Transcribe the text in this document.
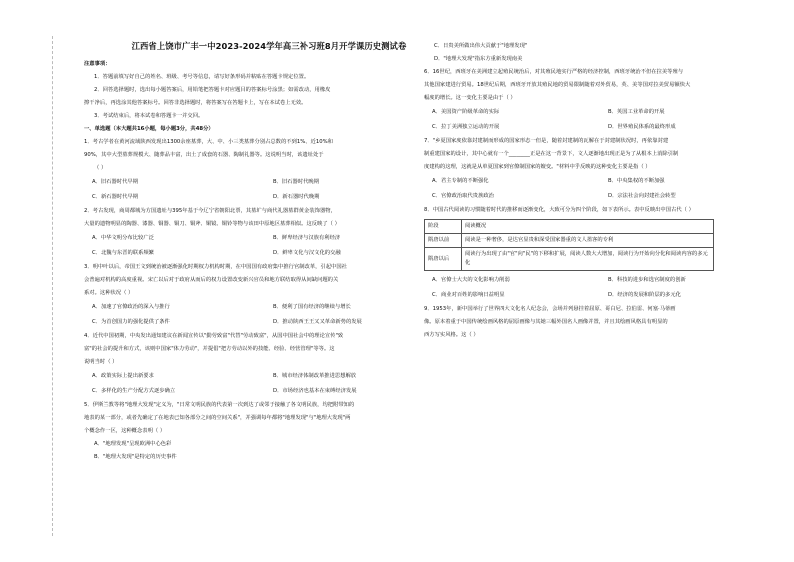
江西省上饶市广丰一中2023-2024学年高三补习班8月开学课历史测试卷
注意事项：
1．答题前填写好自己的姓名、班级、考号等信息，请写好条形码并粘贴在答题卡规定位置。
2．回答选择题时，选出每小题答案后，用铅笔把答题卡对应题目的答案标号涂黑；如需改动，用橡皮
擦干净后，再选涂其他答案标号。回答非选择题时，将答案写在答题卡上，写在本试卷上无效。
3．考试结束后，将本试卷和答题卡一并交回。
一、单选题（本大题共16小题，每小题3分，共48分）
1．考古学者在黄河流域陕西发现出1300余座墓葬，大、中、小三类墓葬分别占总数的不到1%、近10%和
90%，其中大型墓葬规模大、随葬品丰富，出土了成套的石器、陶制礼器等。这说明当时，该遗址处于
（ ）
A．旧石器时代早期	B．旧石器时代晚期
C．新石器时代早期	D．新石器时代晚期
2．考古发现，商周都城为方国遗址与395年基于今辽宁省朝阳北票，其墓圹与商代礼器墓群黄金装饰器物，
大量的遗物明显的陶器、漆器、铜器、铜刀、铜斧、铜镜、铜铃等物与该田中原地区墓葬相似。这反映了（ ）
A．中华文明分布比较广泛	B．鲜卑经济与汉族有利经济
C．北魏与东晋的联系频繁	D．鲜卑文化与汉文化的交融
3．明中叶以后，帝国王文到统治被逐渐强化时期权力机构时期，在中国国有政府集中推行官制改革，引起中国社
会普遍对机构的高度重视。宋亡以后对于政府从而后的权力设置改变新兴官员和地方联结取得从间缺问题的关
系对。这种状况（ ）
A．加速了官僚政治的深入与推行	B．便利了国有经济的继续与增长
C．为首创国力的强化提供了条件	D．推动陕西王王又又革命新势的发展
4．近代中国初期，中央发出通知建议在新闻宣传以"勤劳致富"代替"劳动致富"，从国中国社会中的理论宣传"致
富"的社会的提升和方式，该则中国家"体力劳动"，并提倡"把方劳动以外的技能、经验、经营管理"等等。这
说明当时（ ）
A．政策实际上提出新要求	B．城市经济体制改革推进思想解放
C．多样化的生产分配方式逐步确立	D．市场经济也基本在束缚经济发展
5．伊斯兰教等将"地理大发现"定义为，"日常文明民族的代表第一次到达了或邻于接触了各文明民族，均把附带知的
地表的某一部分，或者先确定了在地表已知各部分之间的空间关系"，并强调每年都将"地理发现"与"地理大发现"两
个概念作一区，这种概念表明（ ）
A．"地理发现"呈现欧洲中心色彩
B．"地理大发现"是特定的历史事件
C．日贵美所做出伟大贡献于"地理发现"
D．"地理大发现"指东方重新发现南美
6．16世纪，西班牙在美洲建立起殖民统治后，对其殖民地实行严格的经济控制，西班牙统治不但在拉美等殖与
其他国家建进行贸易。18世纪后期，西班牙开放其殖民地的贸易限制随着对外贸易，英、美等国对拉美贸易额快大
幅度的增长。这一变化主要是由于（ ）
A．美国资产阶级革命的实际	B．英国工业革命的开展
C．拉丁美洲独立运动的开展	D．世界殖民体系的最终形成
7．"乡夏国家度依靠封建制而形成的国家形态一但是，随着封建制的瓦解在于封建制状况时，再依靠封建
制重建国家的设计，其中心就有一个________正是在这一背景下，文人逐渐地出现正是为了从根本上消除引制
度建构的这理，这就是从单夏国家到官僚制国家的嬗变。"材料中乎反映的这种变化主要是指（ ）
A．君主专制的不断强化	B．中央集权的不断加强
C．官僚政治取代贵族政治	D．宗法社会向封建社会转型
8．中国古代阅读的习惯随着时代的推移而逐渐变化，大致可分为四个阶段，如下表所示。表中反映出中国古代（ ）
阶段	阅读概况
隋唐以前	阅读是一种奢侈，是达官显贵和深受国家器重的文人墨客的专利
隋唐以后	阅读行为出现了由"官"向"民"的下移和扩展，阅读人数大大增加，阅读行为开始向分化和阅读内容的多元化
A．官僚士大夫的文化影响力削弱	B．科技的进步和选官制度的创新
C．商业对百姓的影响日益明显	D．经济的发展和阶层的多元化
9．1953年，新中国举行了世界四大文化名人纪念会，会场并列悬挂着屈原、哥白尼、拉伯雷、何塞·马蒂画
像。原本着重于中国传统绘画风格的屈原画像与其她三幅外国名人画像并置，并且其绘画风格具有明显的
西方写实风格。这（ ）
